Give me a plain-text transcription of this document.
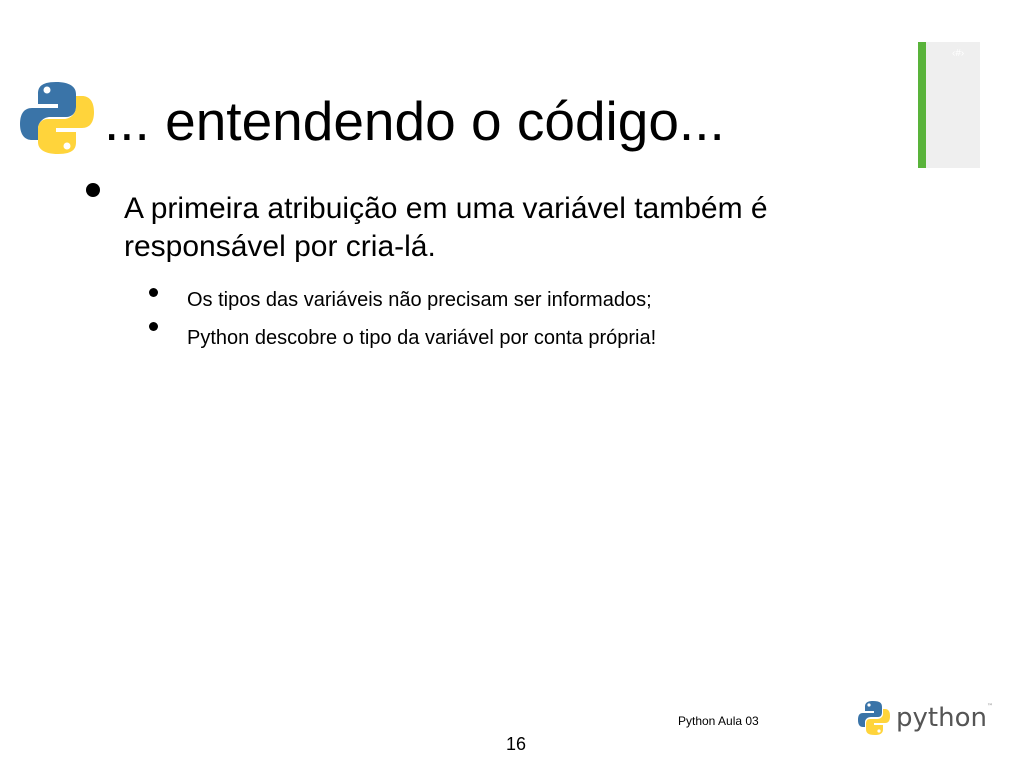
... entendendo o código...
‹#›
A primeira atribuição em uma variável também é responsável por cria-lá.
Os tipos das variáveis não precisam ser informados;
Python descobre o tipo da variável por conta própria!
Python Aula 03
16
python ™
